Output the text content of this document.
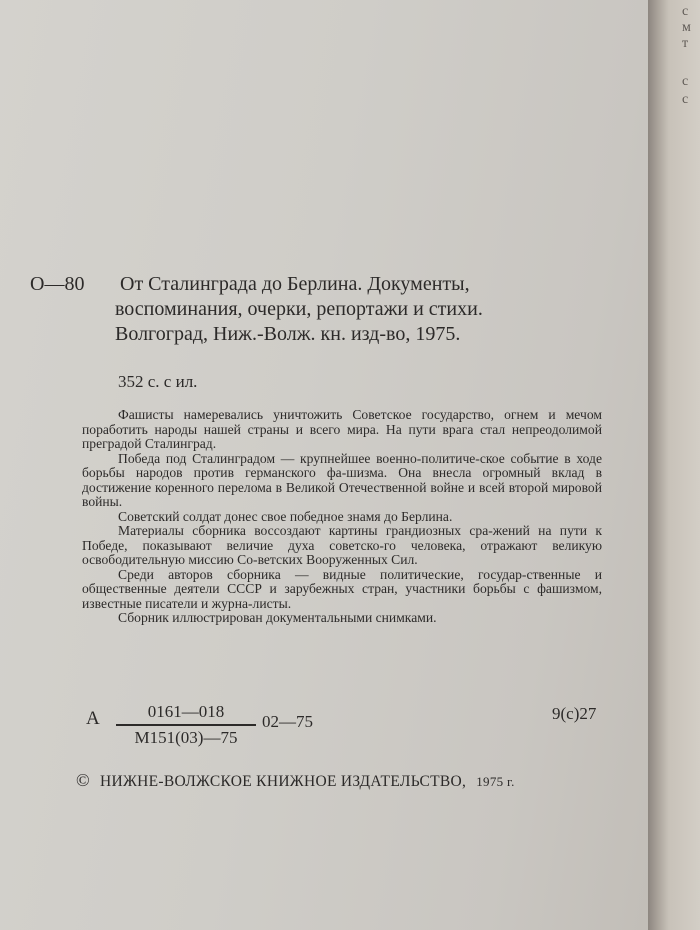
О—80 От Сталинграда до Берлина. Документы,
воспоминания, очерки, репортажи и стихи.
Волгоград, Ниж.-Волж. кн. изд-во, 1975.
352 с. с ил.

Фашисты намеревались уничтожить Советское государство, огнем и мечом поработить народы нашей страны и всего мира. На пути врага стал непреодолимой преградой Сталинград.

Победа под Сталинградом — крупнейшее военно-политиче-ское событие в ходе борьбы народов против германского фа-шизма. Она внесла огромный вклад в достижение коренного перелома в Великой Отечественной войне и всей второй мировой войны.

Советский солдат донес свое победное знамя до Берлина.

Материалы сборника воссоздают картины грандиозных сра-жений на пути к Победе, показывают величие духа советско-го человека, отражают великую освободительную миссию Со-ветских Вооруженных Сил.

Среди авторов сборника — видные политические, государ-ственные и общественные деятели СССР и зарубежных стран, участники борьбы с фашизмом, известные писатели и журна-листы.

Сборник иллюстрирован документальными снимками.

А	0161—018
М151(03)—75
02—75	9(с)27
© НИЖНЕ-ВОЛЖСКОЕ КНИЖНОЕ ИЗДАТЕЛЬСТВО, 1975 г.
с
м
т
с
с
